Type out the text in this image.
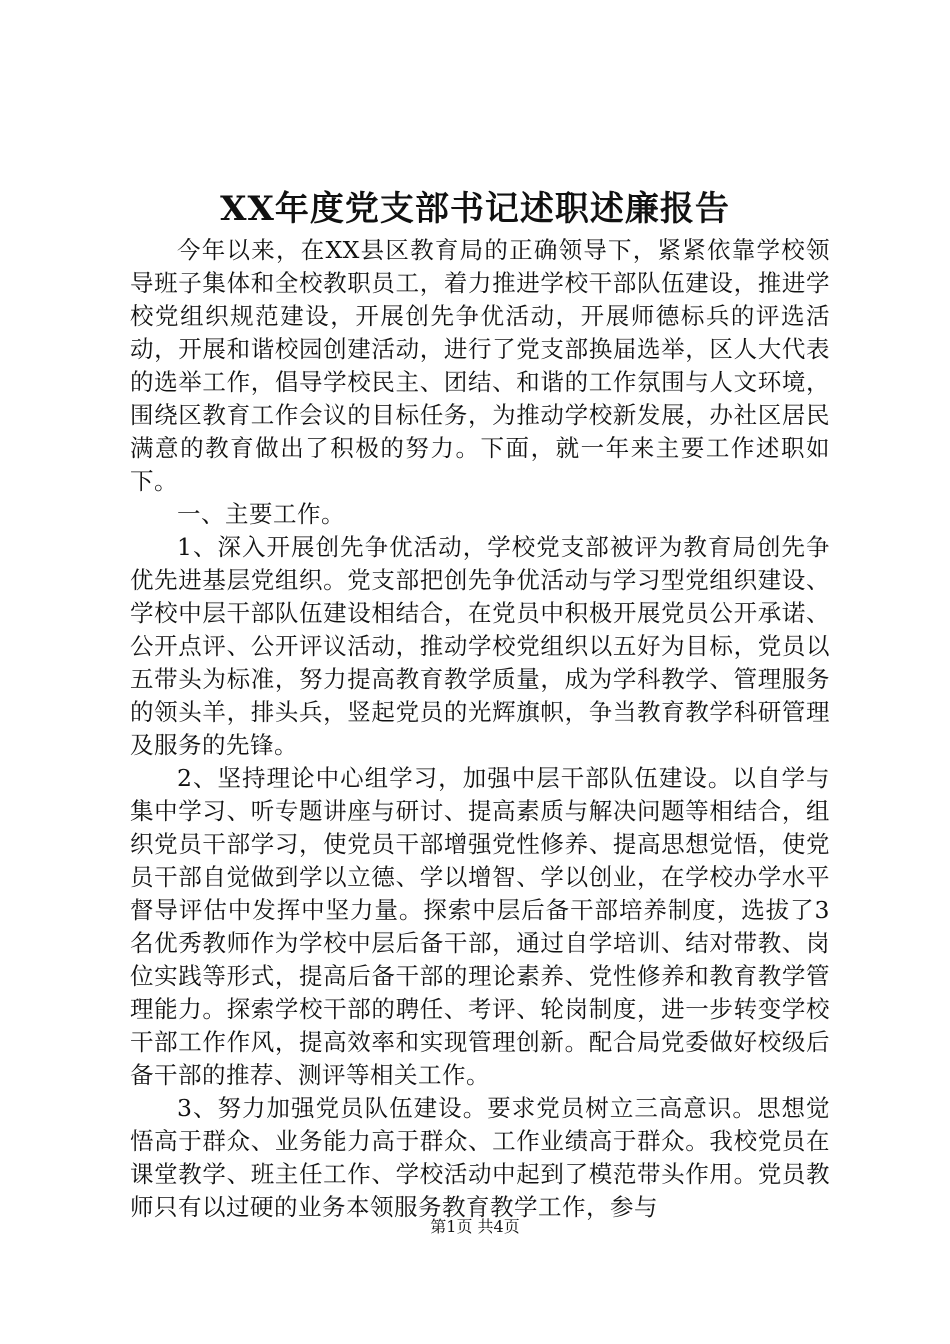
XX年度党支部书记述职述廉报告

今年以来，在XX县区教育局的正确领导下，紧紧依靠学校领导班子集体和全校教职员工，着力推进学校干部队伍建设，推进学校党组织规范建设，开展创先争优活动，开展师德标兵的评选活动，开展和谐校园创建活动，进行了党支部换届选举，区人大代表的选举工作，倡导学校民主、团结、和谐的工作氛围与人文环境，围绕区教育工作会议的目标任务，为推动学校新发展，办社区居民满意的教育做出了积极的努力。下面，就一年来主要工作述职如下。

一、主要工作。

1、深入开展创先争优活动，学校党支部被评为教育局创先争优先进基层党组织。党支部把创先争优活动与学习型党组织建设、学校中层干部队伍建设相结合，在党员中积极开展党员公开承诺、公开点评、公开评议活动，推动学校党组织以五好为目标，党员以五带头为标准，努力提高教育教学质量，成为学科教学、管理服务的领头羊，排头兵，竖起党员的光辉旗帜，争当教育教学科研管理及服务的先锋。

2、坚持理论中心组学习，加强中层干部队伍建设。以自学与集中学习、听专题讲座与研讨、提高素质与解决问题等相结合，组织党员干部学习，使党员干部增强党性修养、提高思想觉悟，使党员干部自觉做到学以立德、学以增智、学以创业，在学校办学水平督导评估中发挥中坚力量。探索中层后备干部培养制度，选拔了3名优秀教师作为学校中层后备干部，通过自学培训、结对带教、岗位实践等形式，提高后备干部的理论素养、党性修养和教育教学管理能力。探索学校干部的聘任、考评、轮岗制度，进一步转变学校干部工作作风，提高效率和实现管理创新。配合局党委做好校级后备干部的推荐、测评等相关工作。

3、努力加强党员队伍建设。要求党员树立三高意识。思想觉悟高于群众、业务能力高于群众、工作业绩高于群众。我校党员在课堂教学、班主任工作、学校活动中起到了模范带头作用。党员教师只有以过硬的业务本领服务教育教学工作，参与

第1页 共4页
